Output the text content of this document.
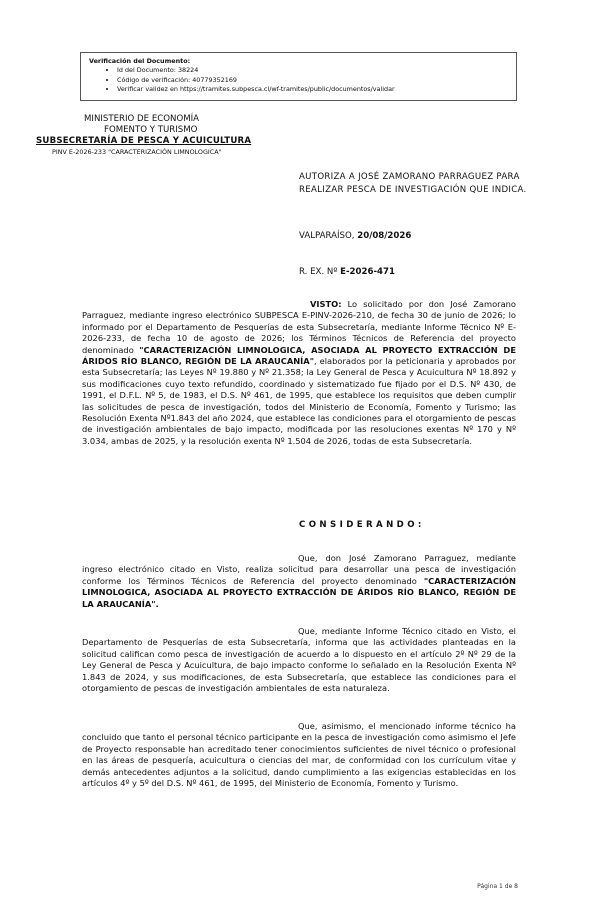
Verificación del Documento:
• Id del Documento: 38224
• Código de verificación: 40779352169
• Verificar validez en https://tramites.subpesca.cl/wf-tramites/public/documentos/validar
MINISTERIO DE ECONOMÍA
FOMENTO Y TURISMO
SUBSECRETARÍA DE PESCA Y ACUICULTURA
PINV E-2026-233 "CARACTERIZACIÓN LIMNOLOGICA"
AUTORIZA A JOSÉ ZAMORANO PARRAGUEZ PARA REALIZAR PESCA DE INVESTIGACIÓN QUE INDICA.
VALPARAÍSO, 20/08/2026
R. EX. Nº E-2026-471
VISTO: Lo solicitado por don José Zamorano Parraguez, mediante ingreso electrónico SUBPESCA E-PINV-2026-210, de fecha 30 de junio de 2026; lo informado por el Departamento de Pesquerías de esta Subsecretaría, mediante Informe Técnico Nº E-2026-233, de fecha 10 de agosto de 2026; los Términos Técnicos de Referencia del proyecto denominado "CARACTERIZACIÓN LIMNOLOGICA, ASOCIADA AL PROYECTO EXTRACCIÓN DE ÁRIDOS RÍO BLANCO, REGIÓN DE LA ARAUCANÍA", elaborados por la peticionaria y aprobados por esta Subsecretaría; las Leyes Nº 19.880 y Nº 21.358; la Ley General de Pesca y Acuicultura Nº 18.892 y sus modificaciones cuyo texto refundido, coordinado y sistematizado fue fijado por el D.S. Nº 430, de 1991, el D.F.L. Nº 5, de 1983, el D.S. Nº 461, de 1995, que establece los requisitos que deben cumplir las solicitudes de pesca de investigación, todos del Ministerio de Economía, Fomento y Turismo; las Resolución Exenta Nº1.843 del año 2024, que establece las condiciones para el otorgamiento de pescas de investigación ambientales de bajo impacto, modificada por las resoluciones exentas Nº 170 y Nº 3.034, ambas de 2025, y la resolución exenta Nº 1.504 de 2026, todas de esta Subsecretaría.
CONSIDERANDO:
Que, don José Zamorano Parraguez, mediante ingreso electrónico citado en Visto, realiza solicitud para desarrollar una pesca de investigación conforme los Términos Técnicos de Referencia del proyecto denominado "CARACTERIZACIÓN LIMNOLOGICA, ASOCIADA AL PROYECTO EXTRACCIÓN DE ÁRIDOS RÍO BLANCO, REGIÓN DE LA ARAUCANÍA".
Que, mediante Informe Técnico citado en Visto, el Departamento de Pesquerías de esta Subsecretaría, informa que las actividades planteadas en la solicitud califican como pesca de investigación de acuerdo a lo dispuesto en el artículo 2º Nº 29 de la Ley General de Pesca y Acuicultura, de bajo impacto conforme lo señalado en la Resolución Exenta Nº 1.843 de 2024, y sus modificaciones, de esta Subsecretaría, que establece las condiciones para el otorgamiento de pescas de investigación ambientales de esta naturaleza.
Que, asimismo, el mencionado informe técnico ha concluido que tanto el personal técnico participante en la pesca de investigación como asimismo el Jefe de Proyecto responsable han acreditado tener conocimientos suficientes de nivel técnico o profesional en las áreas de pesquería, acuicultura o ciencias del mar, de conformidad con los currículum vitae y demás antecedentes adjuntos a la solicitud, dando cumplimiento a las exigencias establecidas en los artículos 4º y 5º del D.S. Nº 461, de 1995, del Ministerio de Economía, Fomento y Turismo.
Página 1 de 8
